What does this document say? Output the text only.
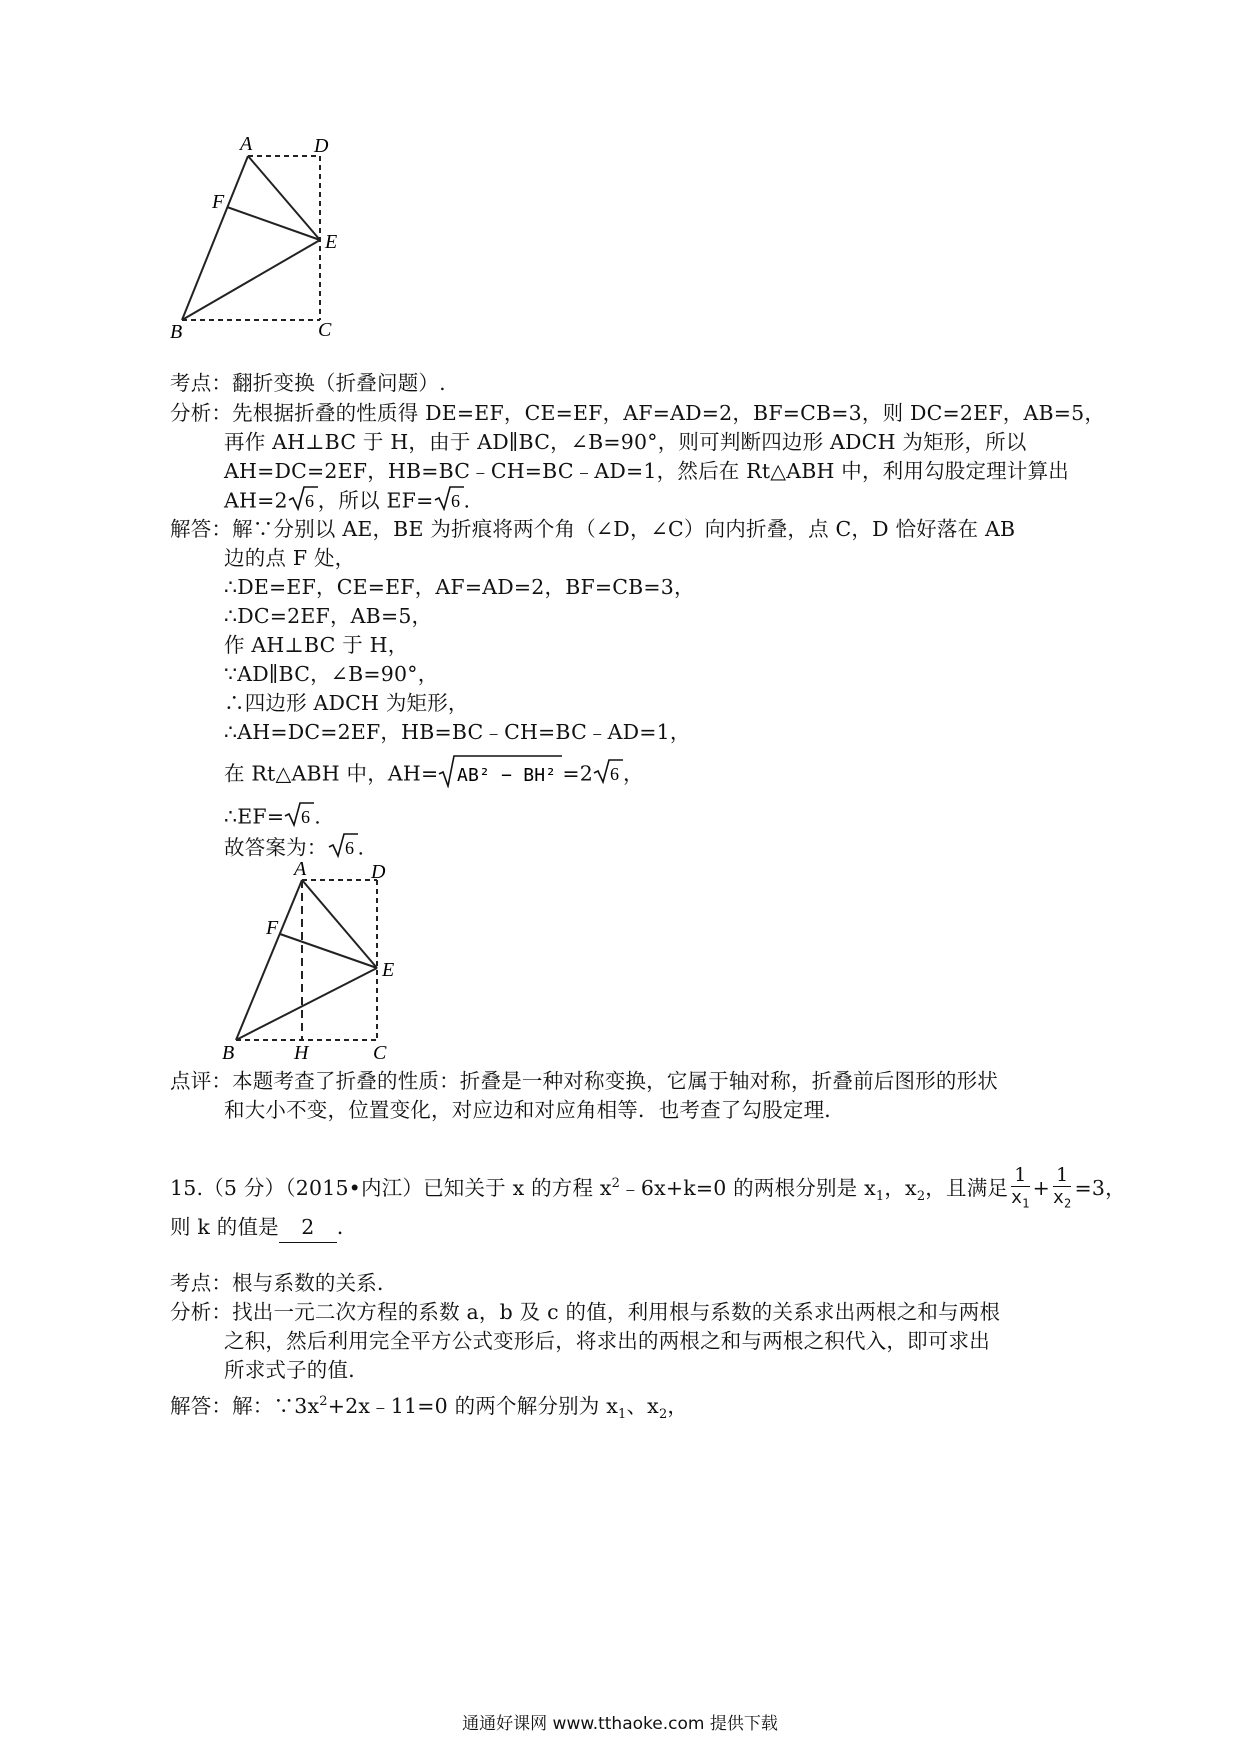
A	D
F
E
B	C
考点：翻折变换（折叠问题）.
分析：先根据折叠的性质得 DE=EF，CE=EF，AF=AD=2，BF=CB=3，则 DC=2EF，AB=5，
再作 AH⊥BC 于 H，由于 AD∥BC，∠B=90°，则可判断四边形 ADCH 为矩形，所以
AH=DC=2EF，HB=BC﹣CH=BC﹣AD=1，然后在 Rt△ABH 中，利用勾股定理计算出
AH=2 6 ，所以 EF= 6 .
解答：解∵分别以 AE，BE 为折痕将两个角（∠D，∠C）向内折叠，点 C，D 恰好落在 AB
边的点 F 处，
∴DE=EF，CE=EF，AF=AD=2，BF=CB=3，
∴DC=2EF，AB=5，
作 AH⊥BC 于 H，
∵AD∥BC，∠B=90°，
∴四边形 ADCH 为矩形，
∴AH=DC=2EF，HB=BC﹣CH=BC﹣AD=1，
在 Rt△ABH 中，AH= AB² − BH² =2 6 ，
∴EF= 6 .
故答案为： 6 .
A	D
F
E
B	H	C
点评：本题考查了折叠的性质：折叠是一种对称变换，它属于轴对称，折叠前后图形的形状
和大小不变，位置变化，对应边和对应角相等．也考查了勾股定理．
15.（5 分）（2015•内江）已知关于 x 的方程 $x^2﹣6x+k=0$ 的两根分别是 $x_1$，$x_2$，且满足 $\frac{1}{x_1} + \frac{1}{x_2} =3$，
则 k 的值是 2 ．
考点：根与系数的关系．
分析：找出一元二次方程的系数 a，b 及 c 的值，利用根与系数的关系求出两根之和与两根
之积，然后利用完全平方公式变形后，将求出的两根之和与两根之积代入，即可求出
所求式子的值．
解答：解：$\because 3x^2+2x﹣11=0$ 的两个解分别为 $x_1$、$x_2$，
通通好课网 www.tthaoke.com 提供下载
